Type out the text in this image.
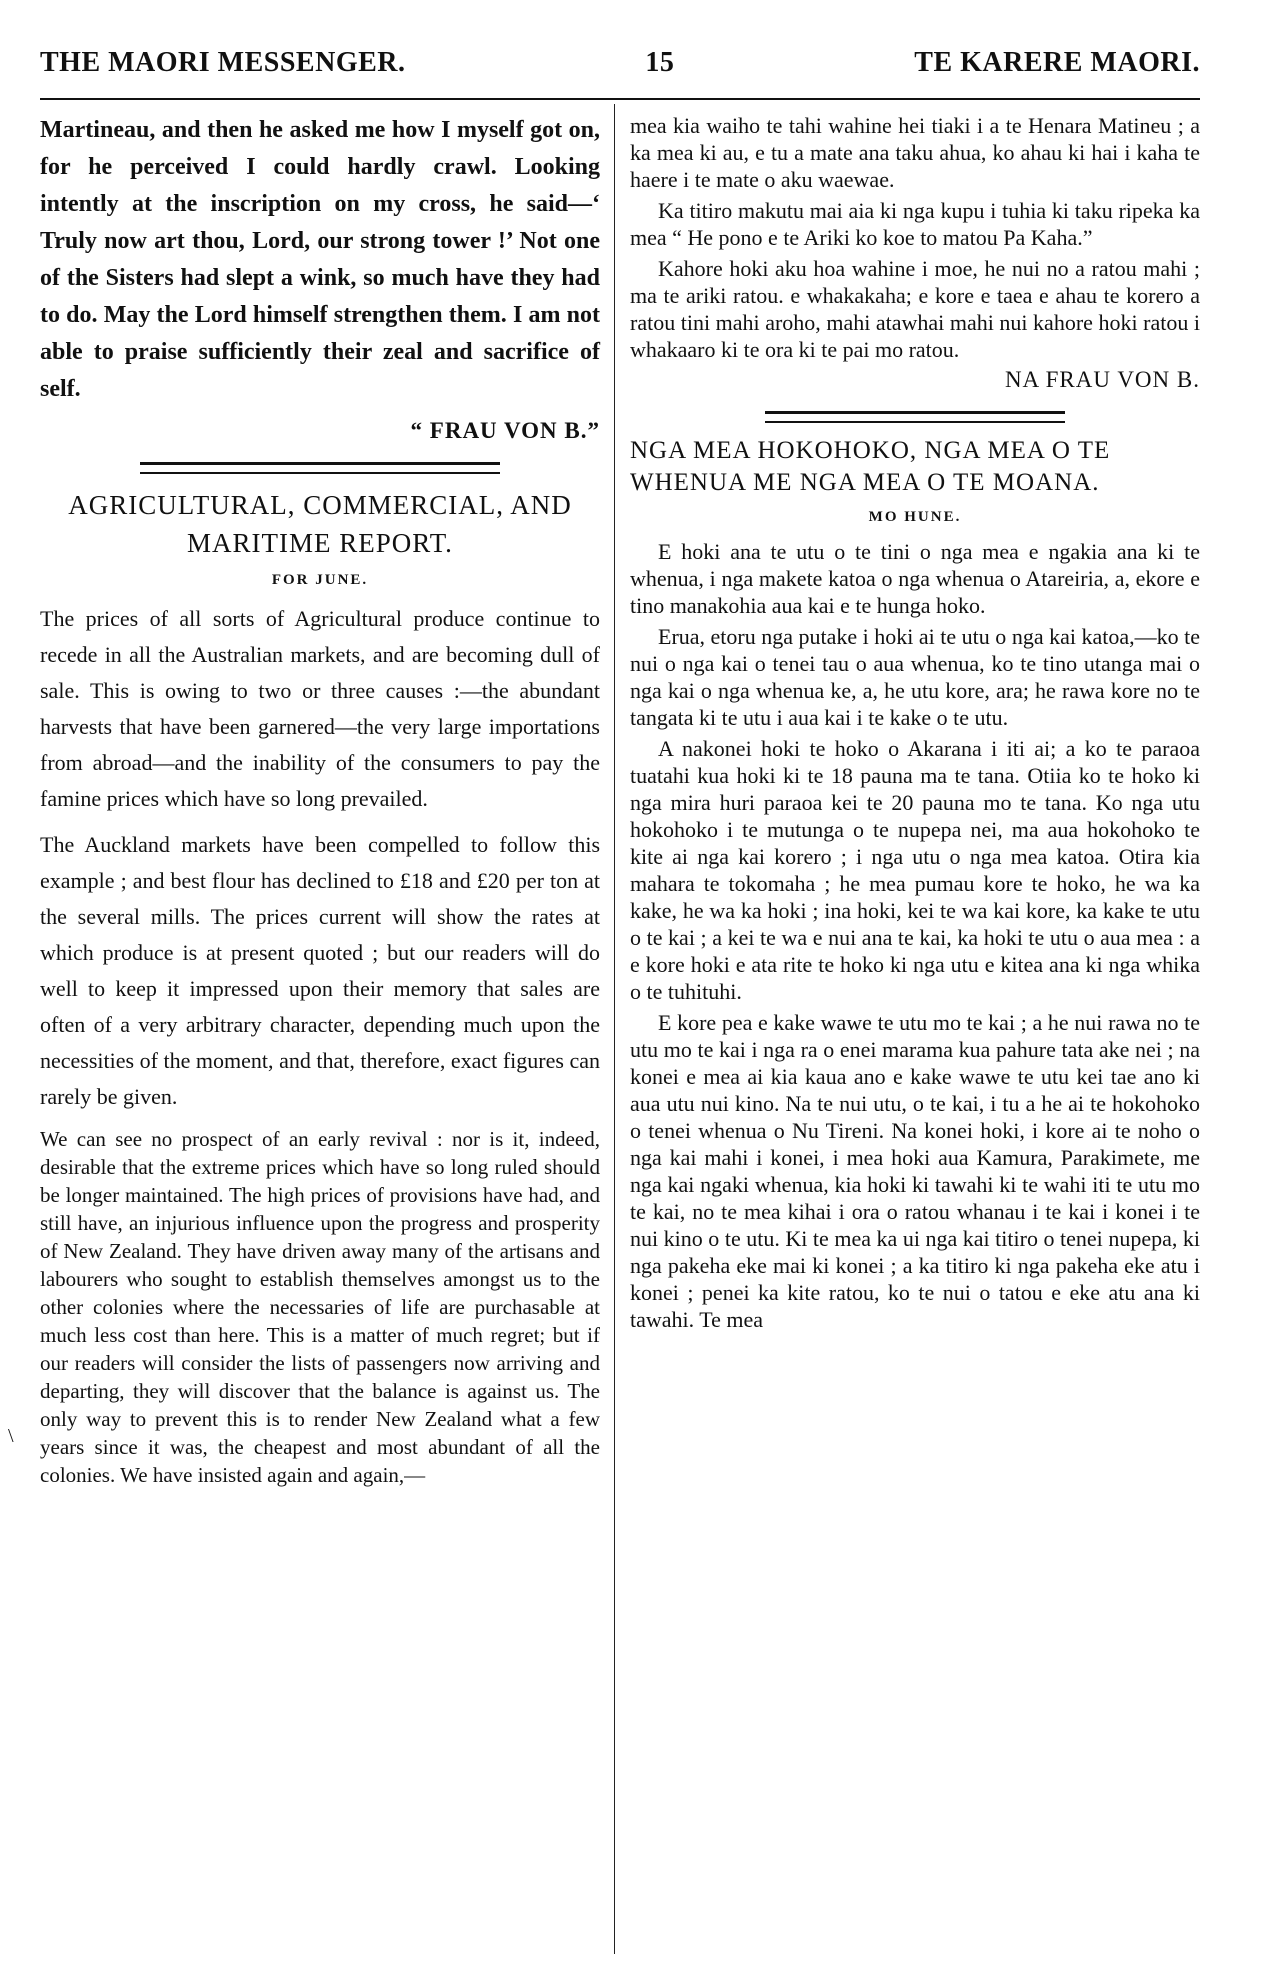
THE MAORI MESSENGER.	15	TE KARERE MAORI.
\

Martineau, and then he asked me how I myself got on, for he perceived I could hardly crawl. Looking intently at the inscription on my cross, he said—‘ Truly now art thou, Lord, our strong tower !’ Not one of the Sisters had slept a wink, so much have they had to do. May the Lord himself strengthen them. I am not able to praise sufficiently their zeal and sacrifice of self.

“ FRAU VON B.”

AGRICULTURAL, COMMERCIAL, AND MARITIME REPORT.
FOR JUNE.

The prices of all sorts of Agricultural produce continue to recede in all the Australian markets, and are becoming dull of sale. This is owing to two or three causes :—the abundant harvests that have been garnered—the very large importations from abroad—and the inability of the consumers to pay the famine prices which have so long prevailed.

The Auckland markets have been compelled to follow this example ; and best flour has declined to £18 and £20 per ton at the several mills. The prices current will show the rates at which produce is at present quoted ; but our readers will do well to keep it impressed upon their memory that sales are often of a very arbitrary character, depending much upon the necessities of the moment, and that, therefore, exact figures can rarely be given.

We can see no prospect of an early revival : nor is it, indeed, desirable that the extreme prices which have so long ruled should be longer maintained. The high prices of provisions have had, and still have, an injurious influence upon the progress and prosperity of New Zealand. They have driven away many of the artisans and labourers who sought to establish themselves amongst us to the other colonies where the necessaries of life are purchasable at much less cost than here. This is a matter of much regret; but if our readers will consider the lists of passengers now arriving and departing, they will discover that the balance is against us. The only way to prevent this is to render New Zealand what a few years since it was, the cheapest and most abundant of all the colonies. We have insisted again and again,—

mea kia waiho te tahi wahine hei tiaki i a te Henara Matineu ; a ka mea ki au, e tu a mate ana taku ahua, ko ahau ki hai i kaha te haere i te mate o aku waewae.

Ka titiro makutu mai aia ki nga kupu i tuhia ki taku ripeka ka mea “ He pono e te Ariki ko koe to matou Pa Kaha.”

Kahore hoki aku hoa wahine i moe, he nui no a ratou mahi ; ma te ariki ratou. e whakakaha; e kore e taea e ahau te korero a ratou tini mahi aroho, mahi atawhai mahi nui kahore hoki ratou i whakaaro ki te ora ki te pai mo ratou.

NA FRAU VON B.

NGA MEA HOKOHOKO, NGA MEA O TE WHENUA ME NGA MEA O TE MOANA.
MO HUNE.

E hoki ana te utu o te tini o nga mea e ngakia ana ki te whenua, i nga makete katoa o nga whenua o Atareiria, a, ekore e tino manakohia aua kai e te hunga hoko.

Erua, etoru nga putake i hoki ai te utu o nga kai katoa,—ko te nui o nga kai o tenei tau o aua whenua, ko te tino utanga mai o nga kai o nga whenua ke, a, he utu kore, ara; he rawa kore no te tangata ki te utu i aua kai i te kake o te utu.

A nakonei hoki te hoko o Akarana i iti ai; a ko te paraoa tuatahi kua hoki ki te 18 pauna ma te tana. Otiia ko te hoko ki nga mira huri paraoa kei te 20 pauna mo te tana. Ko nga utu hokohoko i te mutunga o te nupepa nei, ma aua hokohoko te kite ai nga kai korero ; i nga utu o nga mea katoa. Otira kia mahara te tokomaha ; he mea pumau kore te hoko, he wa ka kake, he wa ka hoki ; ina hoki, kei te wa kai kore, ka kake te utu o te kai ; a kei te wa e nui ana te kai, ka hoki te utu o aua mea : a e kore hoki e ata rite te hoko ki nga utu e kitea ana ki nga whika o te tuhituhi.

E kore pea e kake wawe te utu mo te kai ; a he nui rawa no te utu mo te kai i nga ra o enei marama kua pahure tata ake nei ; na konei e mea ai kia kaua ano e kake wawe te utu kei tae ano ki aua utu nui kino. Na te nui utu, o te kai, i tu a he ai te hokohoko o tenei whenua o Nu Tireni. Na konei hoki, i kore ai te noho o nga kai mahi i konei, i mea hoki aua Kamura, Parakimete, me nga kai ngaki whenua, kia hoki ki tawahi ki te wahi iti te utu mo te kai, no te mea kihai i ora o ratou whanau i te kai i konei i te nui kino o te utu. Ki te mea ka ui nga kai titiro o tenei nupepa, ki nga pakeha eke mai ki konei ; a ka titiro ki nga pakeha eke atu i konei ; penei ka kite ratou, ko te nui o tatou e eke atu ana ki tawahi. Te mea
